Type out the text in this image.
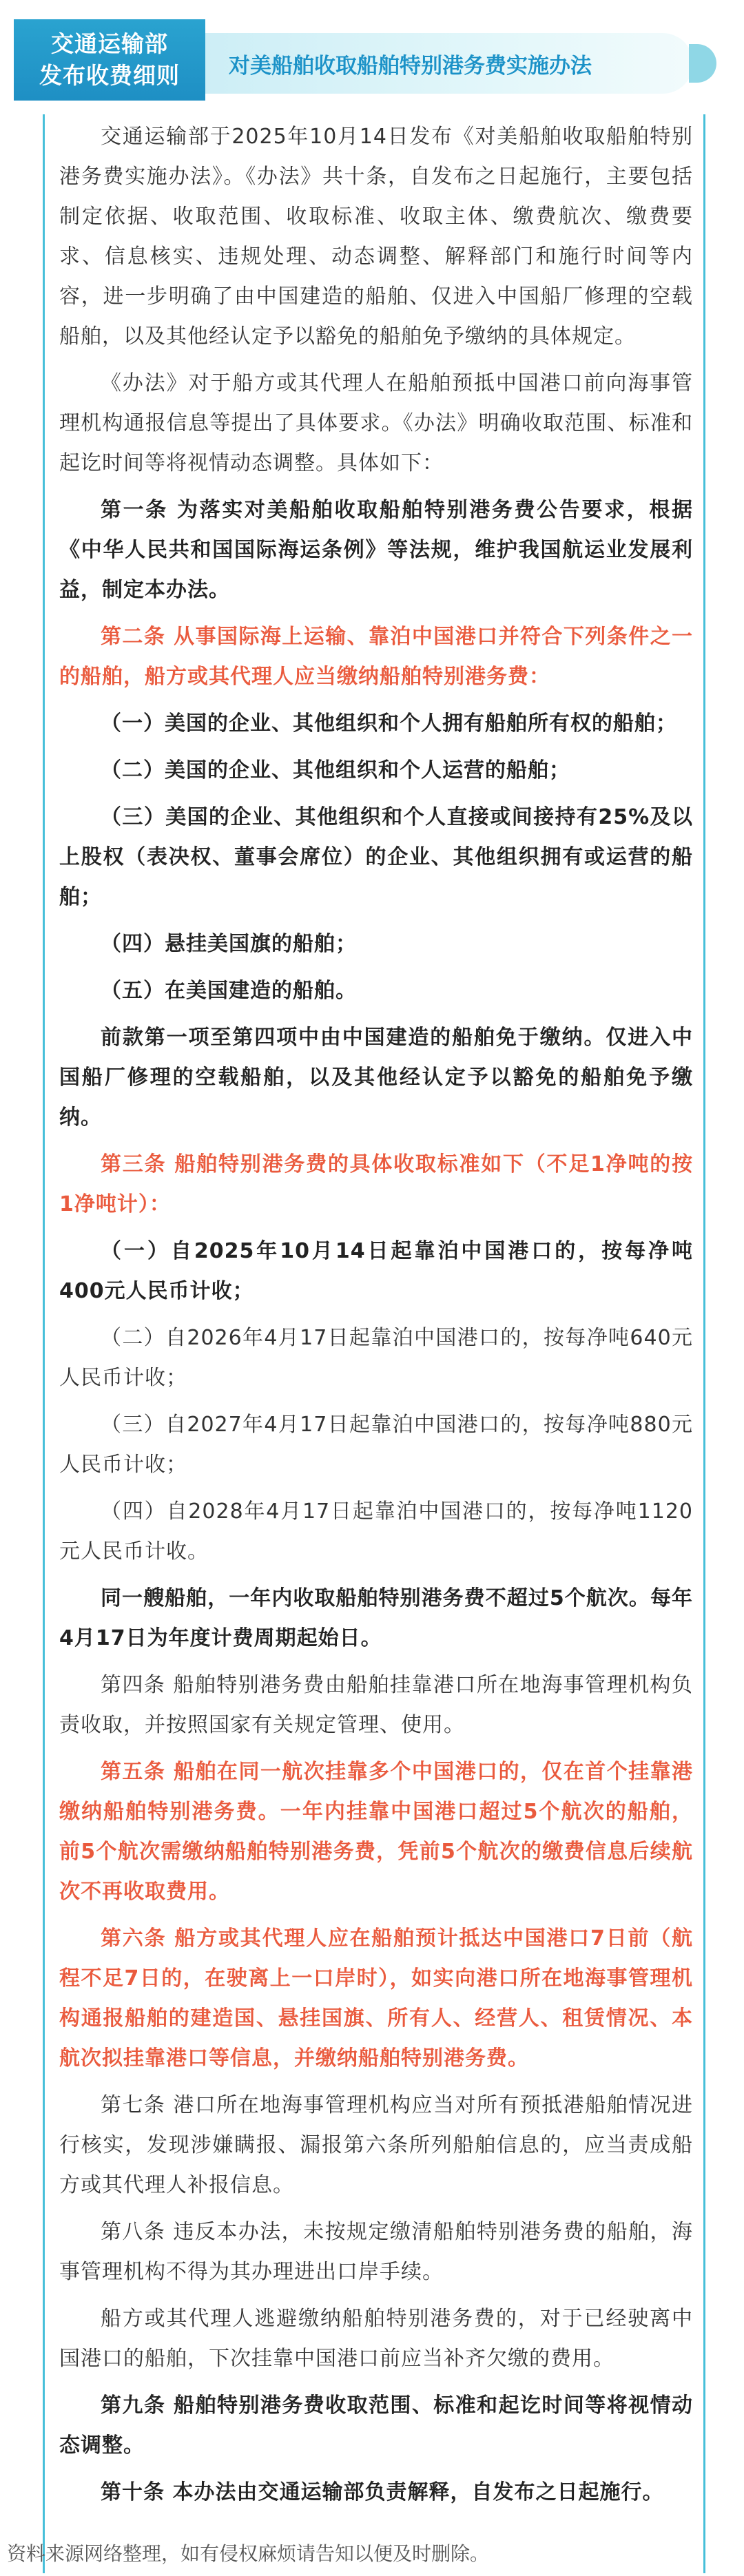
交通运输部
发布收费细则 对美船舶收取船舶特别港务费实施办法

交通运输部于2025年10月14日发布《对美船舶收取船舶特别港务费实施办法》。《办法》共十条，自发布之日起施行，主要包括制定依据、收取范围、收取标准、收取主体、缴费航次、缴费要求、信息核实、违规处理、动态调整、解释部门和施行时间等内容，进一步明确了由中国建造的船舶、仅进入中国船厂修理的空载船舶，以及其他经认定予以豁免的船舶免予缴纳的具体规定。

《办法》对于船方或其代理人在船舶预抵中国港口前向海事管理机构通报信息等提出了具体要求。《办法》明确收取范围、标准和起讫时间等将视情动态调整。具体如下：

第一条 为落实对美船舶收取船舶特别港务费公告要求，根据《中华人民共和国国际海运条例》等法规，维护我国航运业发展利益，制定本办法。

第二条 从事国际海上运输、靠泊中国港口并符合下列条件之一的船舶，船方或其代理人应当缴纳船舶特别港务费：

（一）美国的企业、其他组织和个人拥有船舶所有权的船舶；

（二）美国的企业、其他组织和个人运营的船舶；

（三）美国的企业、其他组织和个人直接或间接持有25%及以上股权（表决权、董事会席位）的企业、其他组织拥有或运营的船舶；

（四）悬挂美国旗的船舶；

（五）在美国建造的船舶。

前款第一项至第四项中由中国建造的船舶免于缴纳。仅进入中国船厂修理的空载船舶，以及其他经认定予以豁免的船舶免予缴纳。

第三条 船舶特别港务费的具体收取标准如下（不足1净吨的按1净吨计）：

（一）自2025年10月14日起靠泊中国港口的，按每净吨400元人民币计收；

（二）自2026年4月17日起靠泊中国港口的，按每净吨640元人民币计收；

（三）自2027年4月17日起靠泊中国港口的，按每净吨880元人民币计收；

（四）自2028年4月17日起靠泊中国港口的，按每净吨1120元人民币计收。

同一艘船舶，一年内收取船舶特别港务费不超过5个航次。每年4月17日为年度计费周期起始日。

第四条 船舶特别港务费由船舶挂靠港口所在地海事管理机构负责收取，并按照国家有关规定管理、使用。

第五条 船舶在同一航次挂靠多个中国港口的，仅在首个挂靠港缴纳船舶特别港务费。一年内挂靠中国港口超过5个航次的船舶，前5个航次需缴纳船舶特别港务费，凭前5个航次的缴费信息后续航次不再收取费用。

第六条 船方或其代理人应在船舶预计抵达中国港口7日前（航程不足7日的，在驶离上一口岸时），如实向港口所在地海事管理机构通报船舶的建造国、悬挂国旗、所有人、经营人、租赁情况、本航次拟挂靠港口等信息，并缴纳船舶特别港务费。

第七条 港口所在地海事管理机构应当对所有预抵港船舶情况进行核实，发现涉嫌瞒报、漏报第六条所列船舶信息的，应当责成船方或其代理人补报信息。

第八条 违反本办法，未按规定缴清船舶特别港务费的船舶，海事管理机构不得为其办理进出口岸手续。

船方或其代理人逃避缴纳船舶特别港务费的，对于已经驶离中国港口的船舶，下次挂靠中国港口前应当补齐欠缴的费用。

第九条 船舶特别港务费收取范围、标准和起讫时间等将视情动态调整。

第十条 本办法由交通运输部负责解释，自发布之日起施行。

资料来源网络整理，如有侵权麻烦请告知以便及时删除。
